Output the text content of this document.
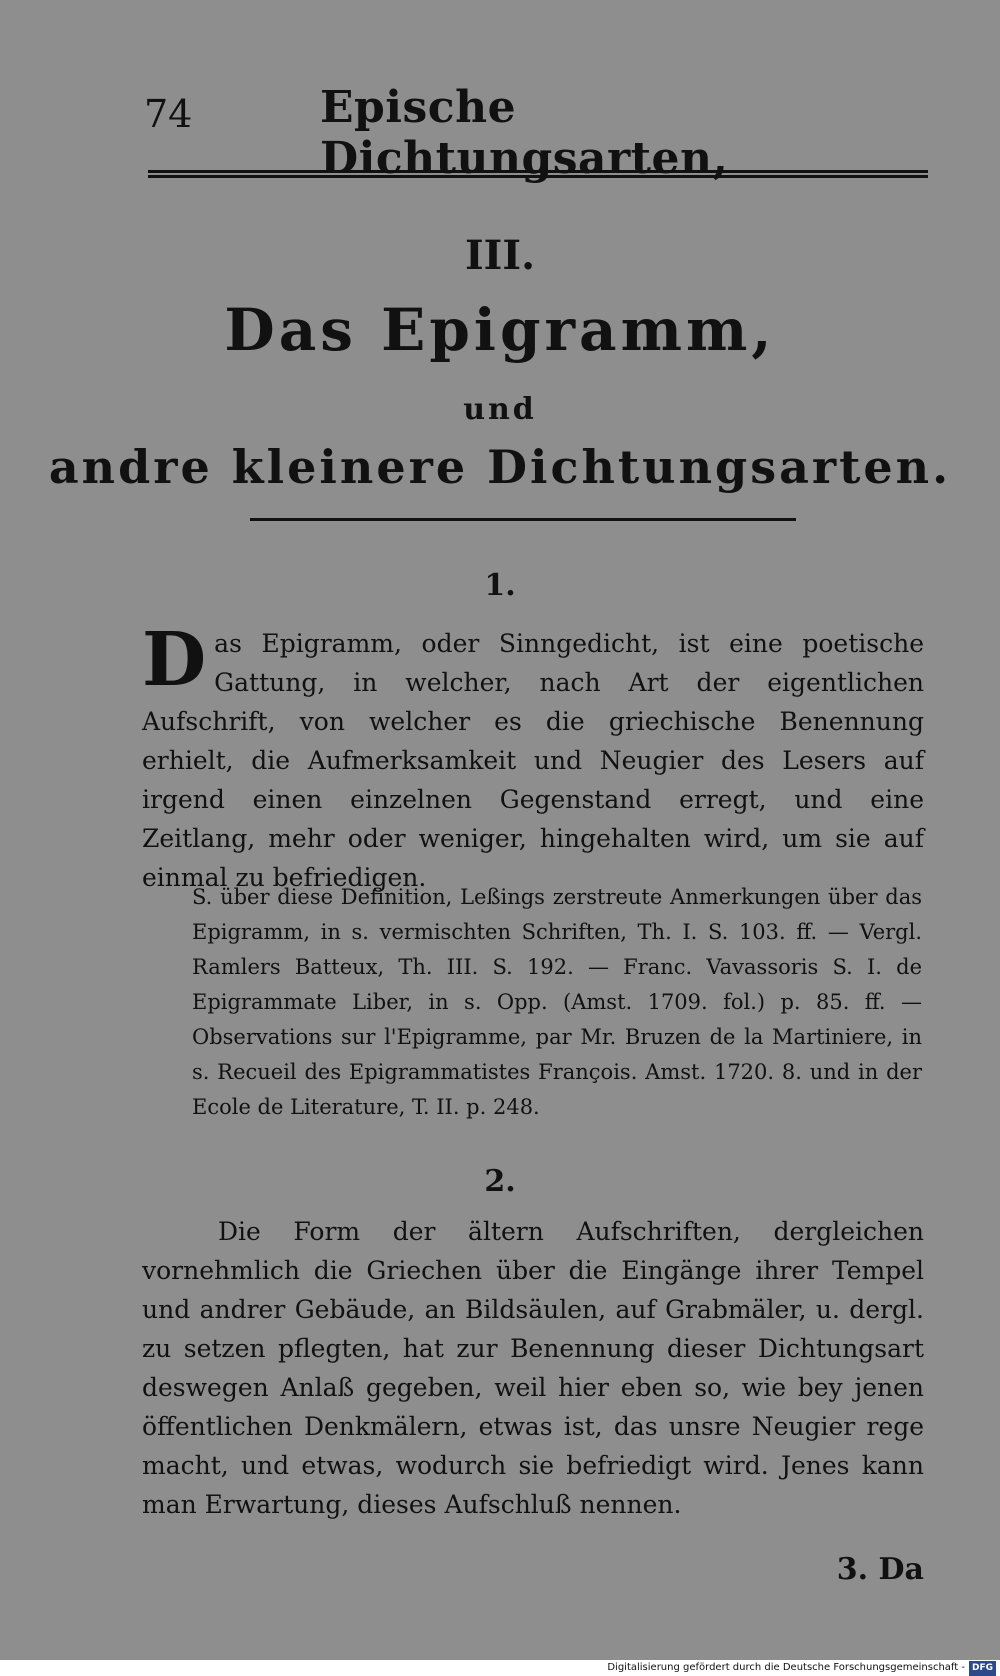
74	Epische Dichtungsarten,
III.
Das Epigramm,
und
andre kleinere Dichtungsarten.
1.
Das Epigramm, oder Sinngedicht, ist eine poetische Gattung, in welcher, nach Art der eigentlichen Aufschrift, von welcher es die griechische Benennung erhielt, die Aufmerksamkeit und Neugier des Lesers auf irgend einen einzelnen Gegenstand erregt, und eine Zeitlang, mehr oder weniger, hingehalten wird, um sie auf einmal zu befriedigen.
S. über diese Definition, Leßings zerstreute Anmerkungen über das Epigramm, in s. vermischten Schriften, Th. I. S. 103. ff. — Vergl. Ramlers Batteux, Th. III. S. 192. — Franc. Vavassoris S. I. de Epigrammate Liber, in s. Opp. (Amst. 1709. fol.) p. 85. ff. — Observations sur l'Epigramme, par Mr. Bruzen de la Martiniere, in s. Recueil des Epigrammatistes François. Amst. 1720. 8. und in der Ecole de Literature, T. II. p. 248.
2.
Die Form der ältern Aufschriften, dergleichen vornehmlich die Griechen über die Eingänge ihrer Tempel und andrer Gebäude, an Bildsäulen, auf Grabmäler, u. dergl. zu setzen pflegten, hat zur Benennung dieser Dichtungsart deswegen Anlaß gegeben, weil hier eben so, wie bey jenen öffentlichen Denkmälern, etwas ist, das unsre Neugier rege macht, und etwas, wodurch sie befriedigt wird. Jenes kann man Erwartung, dieses Aufschluß nennen.
3. Da
Digitalisierung gefördert durch die Deutsche Forschungsgemeinschaft - DFG
